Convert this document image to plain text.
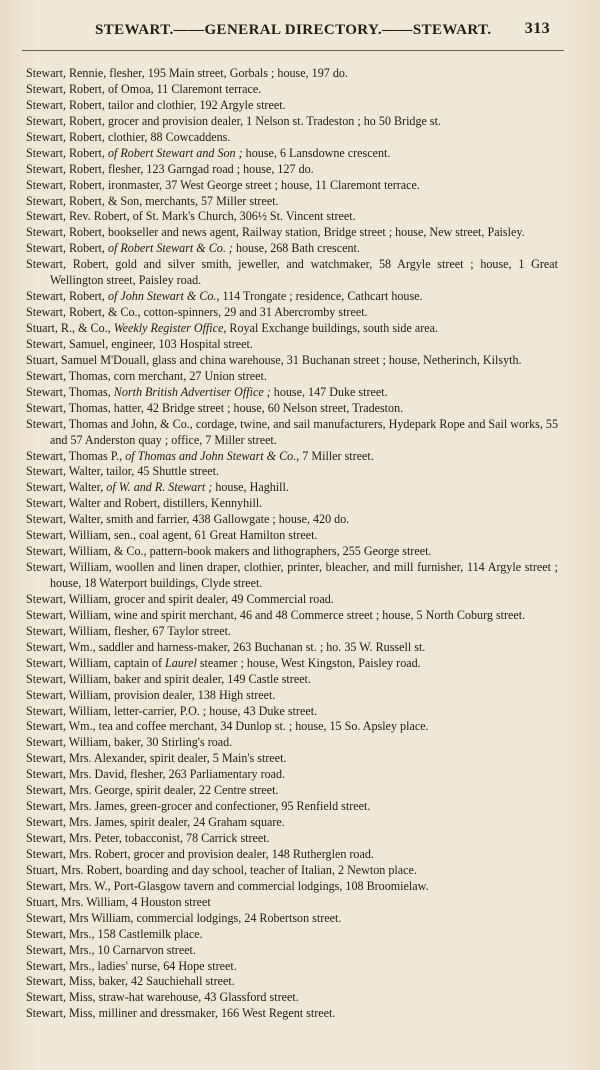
STEWART.——GENERAL DIRECTORY.——STEWART. 313
Stewart, Rennie, flesher, 195 Main street, Gorbals ; house, 197 do.
Stewart, Robert, of Omoa, 11 Claremont terrace.
Stewart, Robert, tailor and clothier, 192 Argyle street.
Stewart, Robert, grocer and provision dealer, 1 Nelson st. Tradeston ; ho 50 Bridge st.
Stewart, Robert, clothier, 88 Cowcaddens.
Stewart, Robert, of Robert Stewart and Son ; house, 6 Lansdowne crescent.
Stewart, Robert, flesher, 123 Garngad road ; house, 127 do.
Stewart, Robert, ironmaster, 37 West George street ; house, 11 Claremont terrace.
Stewart, Robert, & Son, merchants, 57 Miller street.
Stewart, Rev. Robert, of St. Mark's Church, 306½ St. Vincent street.
Stewart, Robert, bookseller and news agent, Railway station, Bridge street ; house, New street, Paisley.
Stewart, Robert, of Robert Stewart & Co. ; house, 268 Bath crescent.
Stewart, Robert, gold and silver smith, jeweller, and watchmaker, 58 Argyle street ; house, 1 Great Wellington street, Paisley road.
Stewart, Robert, of John Stewart & Co., 114 Trongate ; residence, Cathcart house.
Stewart, Robert, & Co., cotton-spinners, 29 and 31 Abercromby street.
Stuart, R., & Co., Weekly Register Office, Royal Exchange buildings, south side area.
Stewart, Samuel, engineer, 103 Hospital street.
Stuart, Samuel M'Douall, glass and china warehouse, 31 Buchanan street ; house, Netherinch, Kilsyth.
Stewart, Thomas, corn merchant, 27 Union street.
Stewart, Thomas, North British Advertiser Office ; house, 147 Duke street.
Stewart, Thomas, hatter, 42 Bridge street ; house, 60 Nelson street, Tradeston.
Stewart, Thomas and John, & Co., cordage, twine, and sail manufacturers, Hydepark Rope and Sail works, 55 and 57 Anderston quay ; office, 7 Miller street.
Stewart, Thomas P., of Thomas and John Stewart & Co., 7 Miller street.
Stewart, Walter, tailor, 45 Shuttle street.
Stewart, Walter, of W. and R. Stewart ; house, Haghill.
Stewart, Walter and Robert, distillers, Kennyhill.
Stewart, Walter, smith and farrier, 438 Gallowgate ; house, 420 do.
Stewart, William, sen., coal agent, 61 Great Hamilton street.
Stewart, William, & Co., pattern-book makers and lithographers, 255 George street.
Stewart, William, woollen and linen draper, clothier, printer, bleacher, and mill furnisher, 114 Argyle street ; house, 18 Waterport buildings, Clyde street.
Stewart, William, grocer and spirit dealer, 49 Commercial road.
Stewart, William, wine and spirit merchant, 46 and 48 Commerce street ; house, 5 North Coburg street.
Stewart, William, flesher, 67 Taylor street.
Stewart, Wm., saddler and harness-maker, 263 Buchanan st. ; ho. 35 W. Russell st.
Stewart, William, captain of Laurel steamer ; house, West Kingston, Paisley road.
Stewart, William, baker and spirit dealer, 149 Castle street.
Stewart, William, provision dealer, 138 High street.
Stewart, William, letter-carrier, P.O. ; house, 43 Duke street.
Stewart, Wm., tea and coffee merchant, 34 Dunlop st. ; house, 15 So. Apsley place.
Stewart, William, baker, 30 Stirling's road.
Stewart, Mrs. Alexander, spirit dealer, 5 Main's street.
Stewart, Mrs. David, flesher, 263 Parliamentary road.
Stewart, Mrs. George, spirit dealer, 22 Centre street.
Stewart, Mrs. James, green-grocer and confectioner, 95 Renfield street.
Stewart, Mrs. James, spirit dealer, 24 Graham square.
Stewart, Mrs. Peter, tobacconist, 78 Carrick street.
Stewart, Mrs. Robert, grocer and provision dealer, 148 Rutherglen road.
Stuart, Mrs. Robert, boarding and day school, teacher of Italian, 2 Newton place.
Stewart, Mrs. W., Port-Glasgow tavern and commercial lodgings, 108 Broomielaw.
Stuart, Mrs. William, 4 Houston street
Stewart, Mrs William, commercial lodgings, 24 Robertson street.
Stewart, Mrs., 158 Castlemilk place.
Stewart, Mrs., 10 Carnarvon street.
Stewart, Mrs., ladies' nurse, 64 Hope street.
Stewart, Miss, baker, 42 Sauchiehall street.
Stewart, Miss, straw-hat warehouse, 43 Glassford street.
Stewart, Miss, milliner and dressmaker, 166 West Regent street.
